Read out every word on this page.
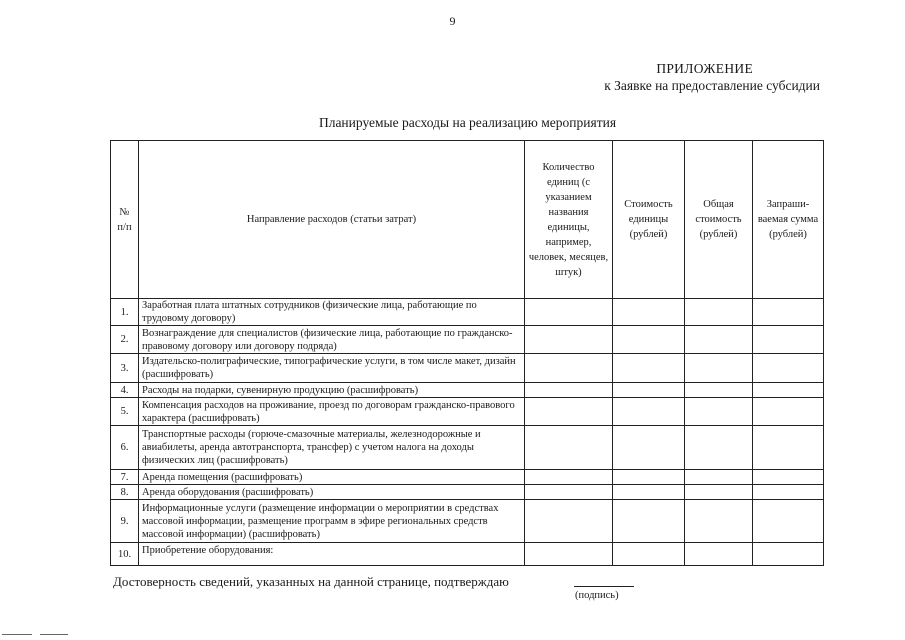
9
ПРИЛОЖЕНИЕ
к Заявке на предоставление субсидии
Планируемые расходы на реализацию мероприятия
№ п/п	Направление расходов (статьи затрат)	Количество единиц (с указанием названия единицы, например, человек, месяцев, штук)	Стоимость единицы (рублей)	Общая стоимость (рублей)	Запраши-ваемая сумма (рублей)
1.	Заработная плата штатных сотрудников (физические лица, работающие по трудовому договору)				
2.	Вознаграждение для специалистов (физические лица, работающие по гражданско-правовому договору или договору подряда)				
3.	Издательско-полиграфические, типографические услуги, в том числе макет, дизайн (расшифровать)				
4.	Расходы на подарки, сувенирную продукцию (расшифровать)				
5.	Компенсация расходов на проживание, проезд по договорам гражданско-правового характера (расшифровать)				
6.	Транспортные расходы (горюче-смазочные материалы, железнодорожные и авиабилеты, аренда автотранспорта, трансфер) с учетом налога на доходы физических лиц (расшифровать)				
7.	Аренда помещения (расшифровать)				
8.	Аренда оборудования (расшифровать)				
9.	Информационные услуги (размещение информации о мероприятии в средствах массовой информации, размещение программ в эфире региональных средств массовой информации) (расшифровать)				
10.	Приобретение оборудования:				
Достоверность сведений, указанных на данной странице, подтверждаю
(подпись)
